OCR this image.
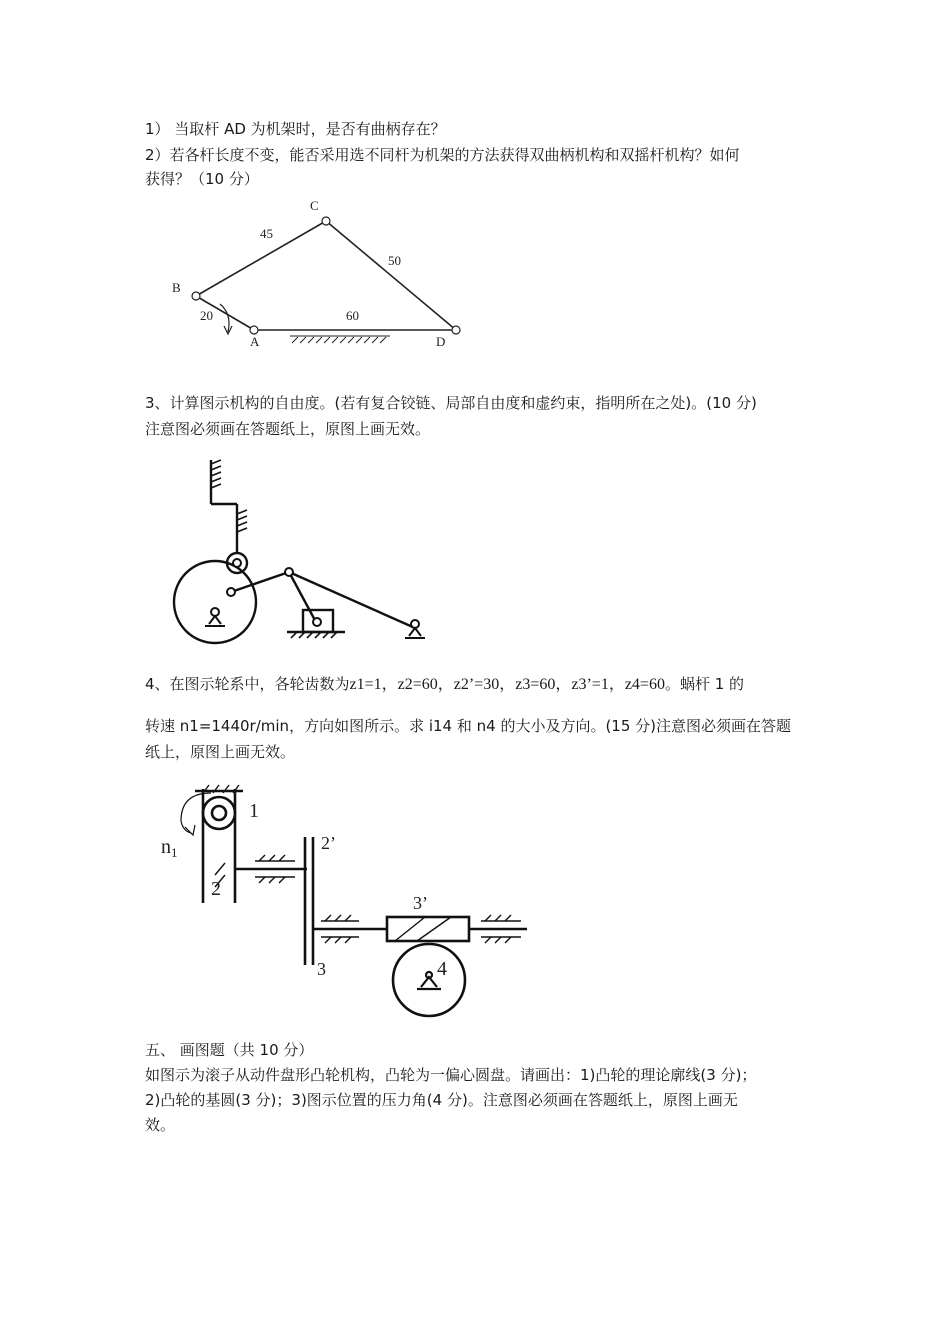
1） 当取杆 AD 为机架时，是否有曲柄存在？
2）若各杆长度不变，能否采用选不同杆为机架的方法获得双曲柄机构和双摇杆机构？如何
获得？（10 分）
C
B
A	D
45
50
20	60
3、计算图示机构的自由度。(若有复合铰链、局部自由度和虚约束，指明所在之处)。(10 分)
注意图必须画在答题纸上，原图上画无效。
4、在图示轮系中，各轮齿数为z1=1，z2=60，z2’=30，z3=60，z3’=1，z4=60。蜗杆 1 的
转速 n1=1440r/min，方向如图所示。求 i14 和 n4 的大小及方向。(15 分)注意图必须画在答题
纸上，原图上画无效。
1
$n_1$
2
2’
3
3’
4
五、 画图题（共 10 分）
如图示为滚子从动件盘形凸轮机构，凸轮为一偏心圆盘。请画出：1)凸轮的理论廓线(3 分)；
2)凸轮的基圆(3 分)；3)图示位置的压力角(4 分)。注意图必须画在答题纸上，原图上画无
效。
